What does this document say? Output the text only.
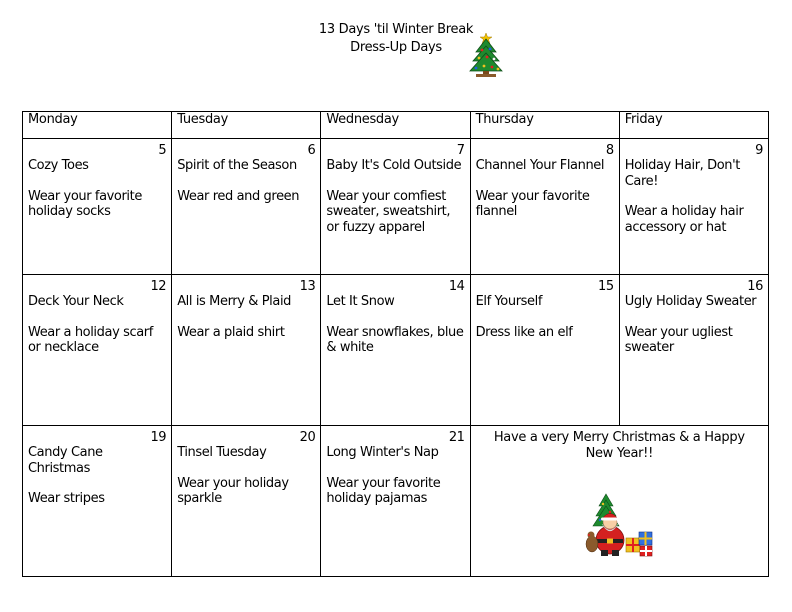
13 Days 'til Winter Break
Dress-Up Days
Monday	Tuesday	Wednesday	Thursday	Friday

5
Cozy Toes
Wear your favorite holiday socks	6
Spirit of the Season
Wear red and green	7
Baby It's Cold Outside
Wear your comfiest sweater, sweatshirt, or fuzzy apparel	8
Channel Your Flannel
Wear your favorite flannel	9
Holiday Hair, Don't Care!
Wear a holiday hair accessory or hat

12
Deck Your Neck
Wear a holiday scarf or necklace	13
All is Merry & Plaid
Wear a plaid shirt	14
Let It Snow
Wear snowflakes, blue & white	15
Elf Yourself
Dress like an elf	16
Ugly Holiday Sweater
Wear your ugliest sweater

19
Candy Cane Christmas
Wear stripes	20
Tinsel Tuesday
Wear your holiday sparkle	21
Long Winter's Nap
Wear your favorite holiday pajamas	Have a very Merry Christmas & a Happy New Year!!	
